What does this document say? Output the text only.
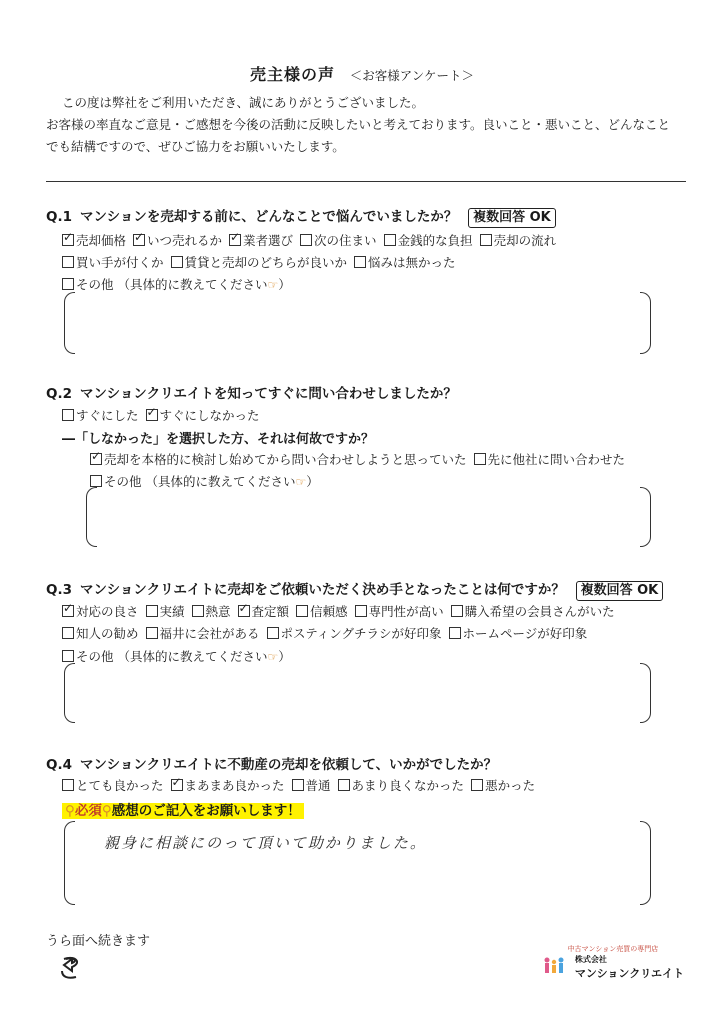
売主様の声 ＜お客様アンケート＞
この度は弊社をご利用いただき、誠にありがとうございました。
お客様の率直なご意見・ご感想を今後の活動に反映したいと考えております。良いこと・悪いこと、どんなこと
でも結構ですので、ぜひご協力をお願いいたします。
Q.1 マンションを売却する前に、どんなことで悩んでいましたか？ 複数回答 OK
✓売却価格 ✓ いつ売れるか ✓ 業者選び 次の住まい 金銭的な負担 売却の流れ
買い手が付くか 賃貸と売却のどちらが良いか 悩みは無かった
その他 （具体的に教えてください☞）
Q.2 マンションクリエイトを知ってすぐに問い合わせしましたか？
すぐにした ✓ すぐにしなかった
―「しなかった」を選択した方、それは何故ですか？
✓売却を本格的に検討し始めてから問い合わせしようと思っていた 先に他社に問い合わせた
その他 （具体的に教えてください☞）
Q.3 マンションクリエイトに売却をご依頼いただく決め手となったことは何ですか？ 複数回答 OK
✓対応の良さ 実績 熱意 ✓ 査定額 信頼感 専門性が高い 購入希望の会員さんがいた
知人の勧め 福井に会社がある ポスティングチラシが好印象 ホームページが好印象
その他 （具体的に教えてください☞）
Q.4 マンションクリエイトに不動産の売却を依頼して、いかがでしたか？
とても良かった ✓ まあまあ良かった 普通 あまり良くなかった 悪かった
⚲必須⚲感想のご記入をお願いします！
親身に相談にのって頂いて助かりました。
うら面へ続きます	中古マンション売買の専門店

株式会社
マンションクリエイト
